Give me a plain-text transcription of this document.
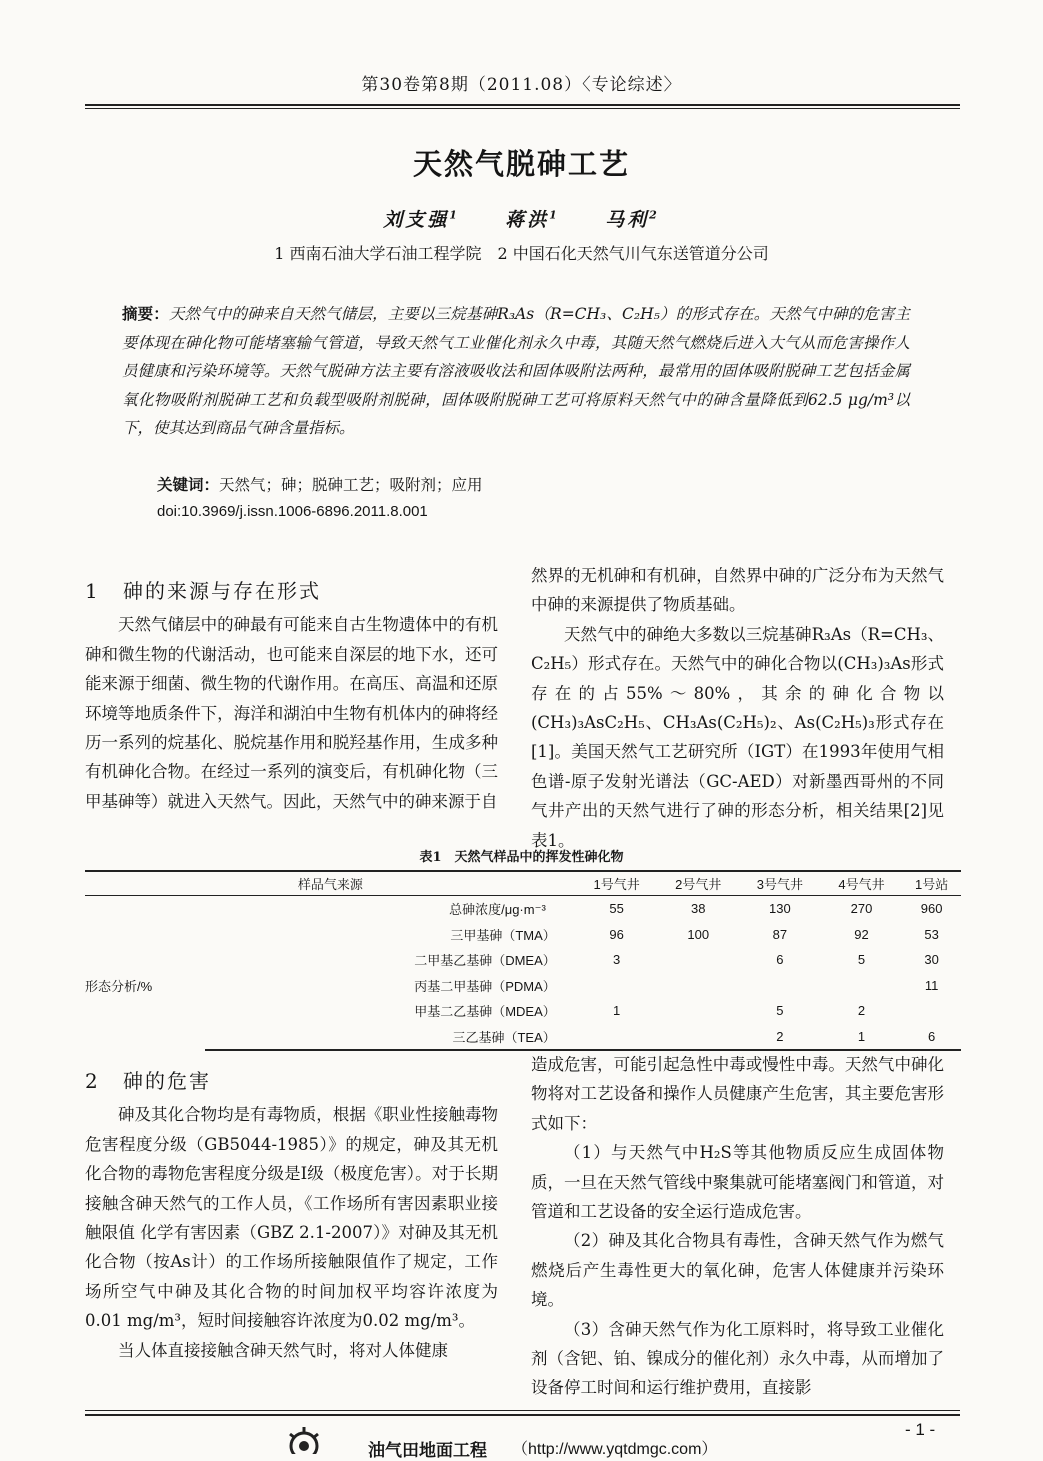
第30卷第8期（2011.08）〈专论综述〉
天然气脱砷工艺
刘支强$^1$ 蒋洪$^1$ 马利$^2$
1 西南石油大学石油工程学院　2 中国石化天然气川气东送管道分公司
摘要：天然气中的砷来自天然气储层，主要以三烷基砷R₃As（R=CH₃、C₂H₅）的形式存在。天然气中砷的危害主要体现在砷化物可能堵塞输气管道，导致天然气工业催化剂永久中毒，其随天然气燃烧后进入大气从而危害操作人员健康和污染环境等。天然气脱砷方法主要有溶液吸收法和固体吸附法两种，最常用的固体吸附脱砷工艺包括金属氧化物吸附剂脱砷工艺和负载型吸附剂脱砷，固体吸附脱砷工艺可将原料天然气中的砷含量降低到62.5 μg/m³以下，使其达到商品气砷含量指标。
关键词：天然气；砷；脱砷工艺；吸附剂；应用
doi:10.3969/j.issn.1006-6896.2011.8.001
1 砷的来源与存在形式

天然气储层中的砷最有可能来自古生物遗体中的有机砷和微生物的代谢活动，也可能来自深层的地下水，还可能来源于细菌、微生物的代谢作用。在高压、高温和还原环境等地质条件下，海洋和湖泊中生物有机体内的砷将经历一系列的烷基化、脱烷基作用和脱羟基作用，生成多种有机砷化合物。在经过一系列的演变后，有机砷化物（三甲基砷等）就进入天然气。因此，天然气中的砷来源于自

然界的无机砷和有机砷，自然界中砷的广泛分布为天然气中砷的来源提供了物质基础。

天然气中的砷绝大多数以三烷基砷R₃As（R=CH₃、C₂H₅）形式存在。天然气中的砷化合物以(CH₃)₃As形式存在的占55%～80%，其余的砷化合物以(CH₃)₃AsC₂H₅、CH₃As(C₂H₅)₂、As(C₂H₅)₃形式存在[1]。美国天然气工艺研究所（IGT）在1993年使用气相色谱-原子发射光谱法（GC-AED）对新墨西哥州的不同气井产出的天然气进行了砷的形态分析，相关结果[2]见表1。

表1　天然气样品中的挥发性砷化物
样品气来源		1号气井	2号气井	3号气井	4号气井	1号站
总砷浓度/μg·m⁻³		55	38	130	270	960
形态分析/%	三甲基砷（TMA）	96	100	87	92	53
	二甲基乙基砷（DMEA）	3		6	5	30
	丙基二甲基砷（PDMA）					11
	甲基二乙基砷（MDEA）	1		5	2	
	三乙基砷（TEA）			2	1	6
2 砷的危害

砷及其化合物均是有毒物质，根据《职业性接触毒物危害程度分级（GB5044-1985）》的规定，砷及其无机化合物的毒物危害程度分级是Ⅰ级（极度危害）。对于长期接触含砷天然气的工作人员，《工作场所有害因素职业接触限值 化学有害因素（GBZ 2.1-2007）》对砷及其无机化合物（按As计）的工作场所接触限值作了规定，工作场所空气中砷及其化合物的时间加权平均容许浓度为0.01 mg/m³，短时间接触容许浓度为0.02 mg/m³。

当人体直接接触含砷天然气时，将对人体健康

造成危害，可能引起急性中毒或慢性中毒。天然气中砷化物将对工艺设备和操作人员健康产生危害，其主要危害形式如下：

（1）与天然气中H₂S等其他物质反应生成固体物质，一旦在天然气管线中聚集就可能堵塞阀门和管道，对管道和工艺设备的安全运行造成危害。

（2）砷及其化合物具有毒性，含砷天然气作为燃气燃烧后产生毒性更大的氧化砷，危害人体健康并污染环境。

（3）含砷天然气作为化工原料时，将导致工业催化剂（含钯、铂、镍成分的催化剂）永久中毒，从而增加了设备停工时间和运行维护费用，直接影

- 1 -
油气田地面工程 （http://www.yqtdmgc.com）
